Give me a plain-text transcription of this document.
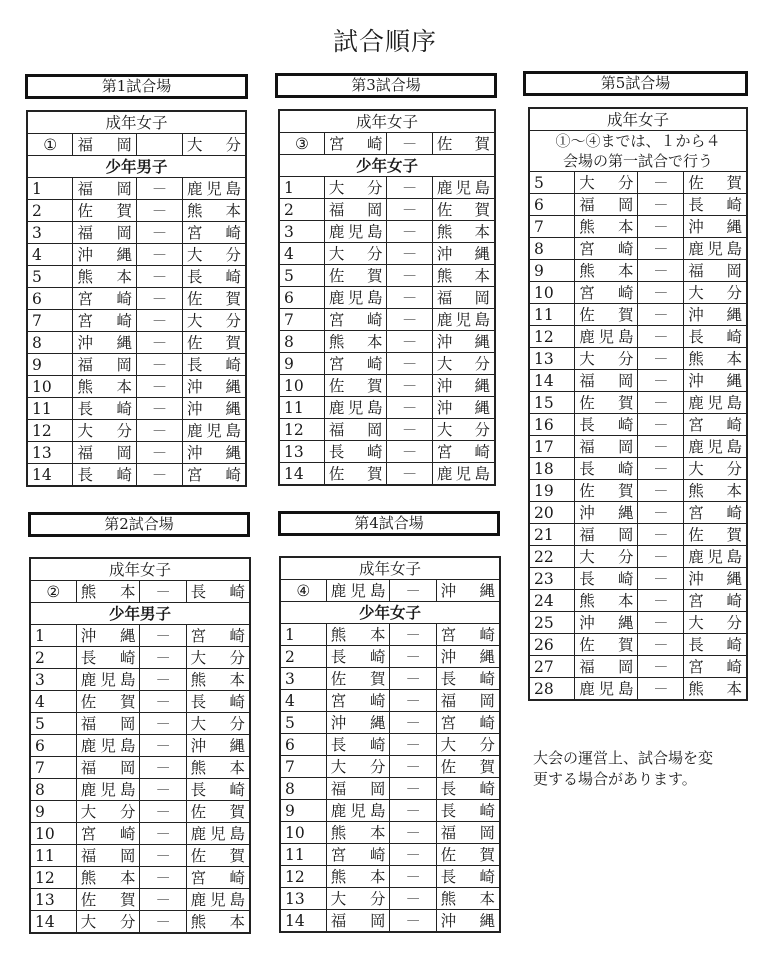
試合順序
第1試合場	第3試合場	第5試合場
第2試合場	第4試合場
成年女子			
①	福　岡		大　分
少年男子			
1	福　岡	－	鹿児島
2	佐　賀	－	熊　本
3	福　岡	－	宮　崎
4	沖　縄	－	大　分
5	熊　本	－	長　崎
6	宮　崎	－	佐　賀
7	宮　崎	－	大　分
8	沖　縄	－	佐　賀
9	福　岡	－	長　崎
10	熊　本	－	沖　縄
11	長　崎	－	沖　縄
12	大　分	－	鹿児島
13	福　岡	－	沖　縄
14	長　崎	－	宮　崎
成年女子			
③	宮　崎	－	佐　賀
少年女子			
1	大　分	－	鹿児島
2	福　岡	－	佐　賀
3	鹿児島	－	熊　本
4	大　分	－	沖　縄
5	佐　賀	－	熊　本
6	鹿児島	－	福　岡
7	宮　崎	－	鹿児島
8	熊　本	－	沖　縄
9	宮　崎	－	大　分
10	佐　賀	－	沖　縄
11	鹿児島	－	沖　縄
12	福　岡	－	大　分
13	長　崎	－	宮　崎
14	佐　賀	－	鹿児島
成年女子			

①～④までは、１から４
会場の第一試合で行う			

5	大　分	－	佐　賀
6	福　岡	－	長　崎
7	熊　本	－	沖　縄
8	宮　崎	－	鹿児島
9	熊　本	－	福　岡
10	宮　崎	－	大　分
11	佐　賀	－	沖　縄
12	鹿児島	－	長　崎
13	大　分	－	熊　本
14	福　岡	－	沖　縄
15	佐　賀	－	鹿児島
16	長　崎	－	宮　崎
17	福　岡	－	鹿児島
18	長　崎	－	大　分
19	佐　賀	－	熊　本
20	沖　縄	－	宮　崎
21	福　岡	－	佐　賀
22	大　分	－	鹿児島
23	長　崎	－	沖　縄
24	熊　本	－	宮　崎
25	沖　縄	－	大　分
26	佐　賀	－	長　崎
27	福　岡	－	宮　崎
28	鹿児島	－	熊　本
成年女子			
②	熊　本	－	長　崎
少年男子			
1	沖　縄	－	宮　崎
2	長　崎	－	大　分
3	鹿児島	－	熊　本
4	佐　賀	－	長　崎
5	福　岡	－	大　分
6	鹿児島	－	沖　縄
7	福　岡	－	熊　本
8	鹿児島	－	長　崎
9	大　分	－	佐　賀
10	宮　崎	－	鹿児島
11	福　岡	－	佐　賀
12	熊　本	－	宮　崎
13	佐　賀	－	鹿児島
14	大　分	－	熊　本
成年女子			
④	鹿児島	－	沖　縄
少年女子			
1	熊　本	－	宮　崎
2	長　崎	－	沖　縄
3	佐　賀	－	長　崎
4	宮　崎	－	福　岡
5	沖　縄	－	宮　崎
6	長　崎	－	大　分
7	大　分	－	佐　賀
8	福　岡	－	長　崎
9	鹿児島	－	長　崎
10	熊　本	－	福　岡
11	宮　崎	－	佐　賀
12	熊　本	－	長　崎
13	大　分	－	熊　本
14	福　岡	－	沖　縄
大会の運営上、試合場を変
更する場合があります。
